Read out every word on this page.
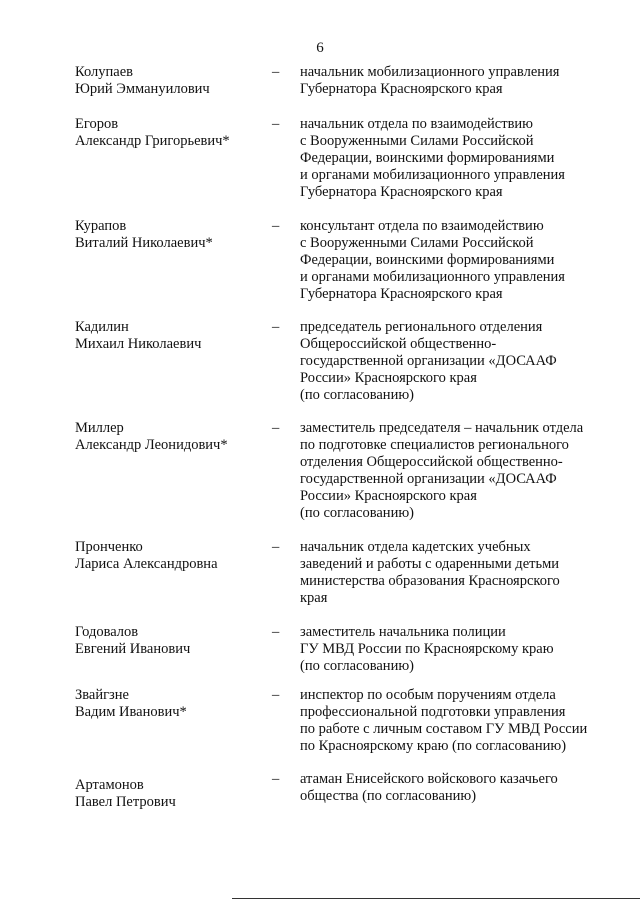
6
Колупаев
Юрий Эммануилович
– начальник мобилизационного управления
Губернатора Красноярского края
Егоров
Александр Григорьевич*
– начальник отдела по взаимодействию
с Вооруженными Силами Российской
Федерации, воинскими формированиями
и органами мобилизационного управления
Губернатора Красноярского края
Курапов
Виталий Николаевич*
– консультант отдела по взаимодействию
с Вооруженными Силами Российской
Федерации, воинскими формированиями
и органами мобилизационного управления
Губернатора Красноярского края
Кадилин
Михаил Николаевич
– председатель регионального отделения
Общероссийской общественно-
государственной организации «ДОСААФ
России» Красноярского края
(по согласованию)
Миллер
Александр Леонидович*
– заместитель председателя – начальник отдела
по подготовке специалистов регионального
отделения Общероссийской общественно-
государственной организации «ДОСААФ
России» Красноярского края
(по согласованию)
Пронченко
Лариса Александровна
– начальник отдела кадетских учебных
заведений и работы с одаренными детьми
министерства образования Красноярского
края
Годовалов
Евгений Иванович
– заместитель начальника полиции
ГУ МВД России по Красноярскому краю
(по согласованию)
Звайгзне
Вадим Иванович*
– инспектор по особым поручениям отдела
профессиональной подготовки управления
по работе с личным составом ГУ МВД России
по Красноярскому краю (по согласованию)
Артамонов
Павел Петрович
– атаман Енисейского войскового казачьего
общества (по согласованию)
